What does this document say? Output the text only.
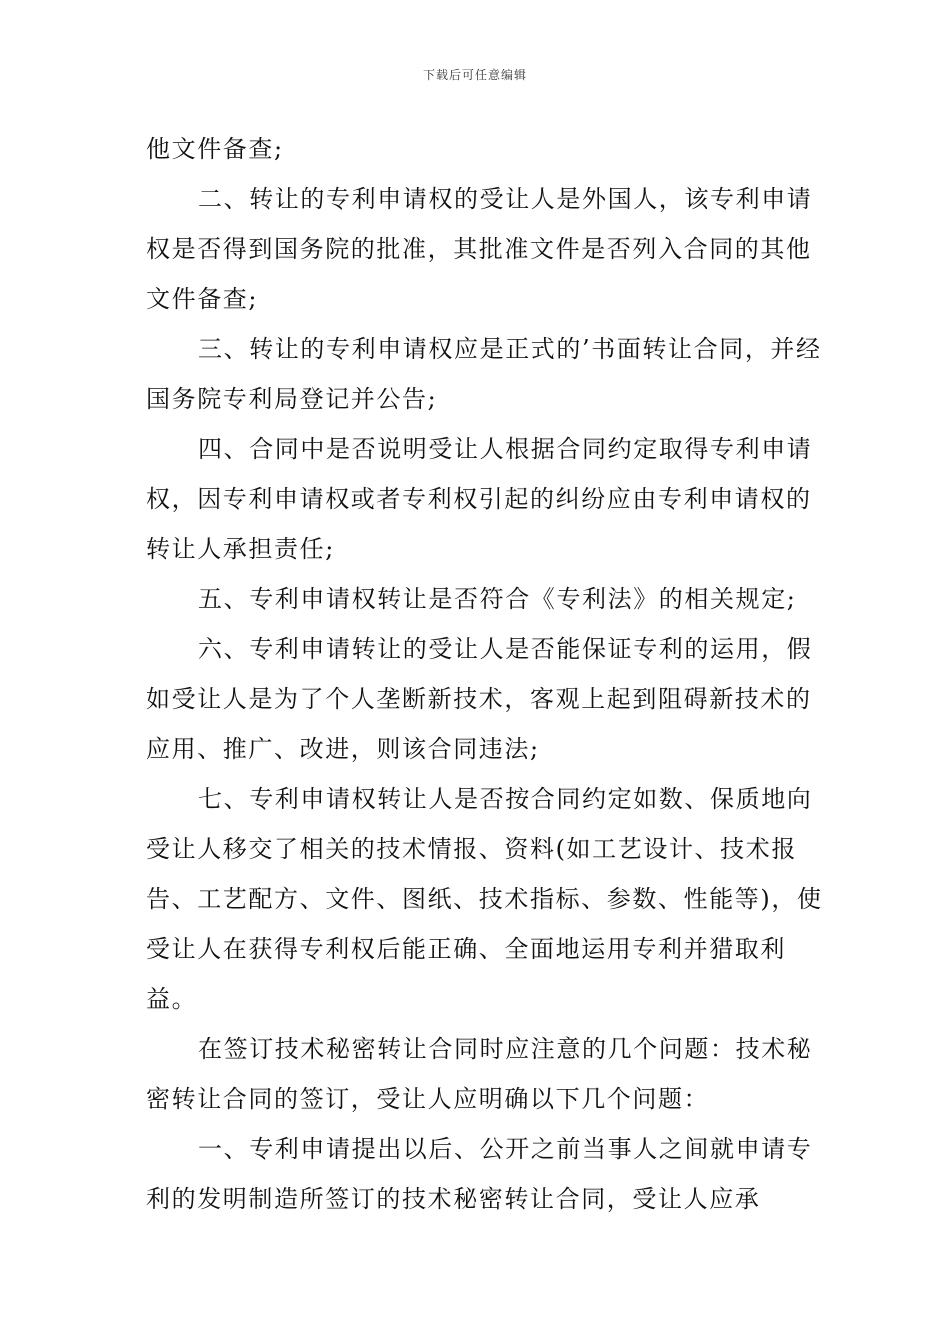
下载后可任意编辑

他文件备查;

二、转让的专利申请权的受让人是外国人，该专利申请权是否得到国务院的批准，其批准文件是否列入合同的其他文件备查;

三、转让的专利申请权应是正式的’书面转让合同，并经国务院专利局登记并公告;

四、合同中是否说明受让人根据合同约定取得专利申请权，因专利申请权或者专利权引起的纠纷应由专利申请权的转让人承担责任;

五、专利申请权转让是否符合《专利法》的相关规定;

六、专利申请转让的受让人是否能保证专利的运用，假如受让人是为了个人垄断新技术，客观上起到阻碍新技术的应用、推广、改进，则该合同违法;

七、专利申请权转让人是否按合同约定如数、保质地向受让人移交了相关的技术情报、资料(如工艺设计、技术报告、工艺配方、文件、图纸、技术指标、参数、性能等)，使受让人在获得专利权后能正确、全面地运用专利并猎取利益。

在签订技术秘密转让合同时应注意的几个问题：技术秘密转让合同的签订，受让人应明确以下几个问题：

一、专利申请提出以后、公开之前当事人之间就申请专利的发明制造所签订的技术秘密转让合同，受让人应承
